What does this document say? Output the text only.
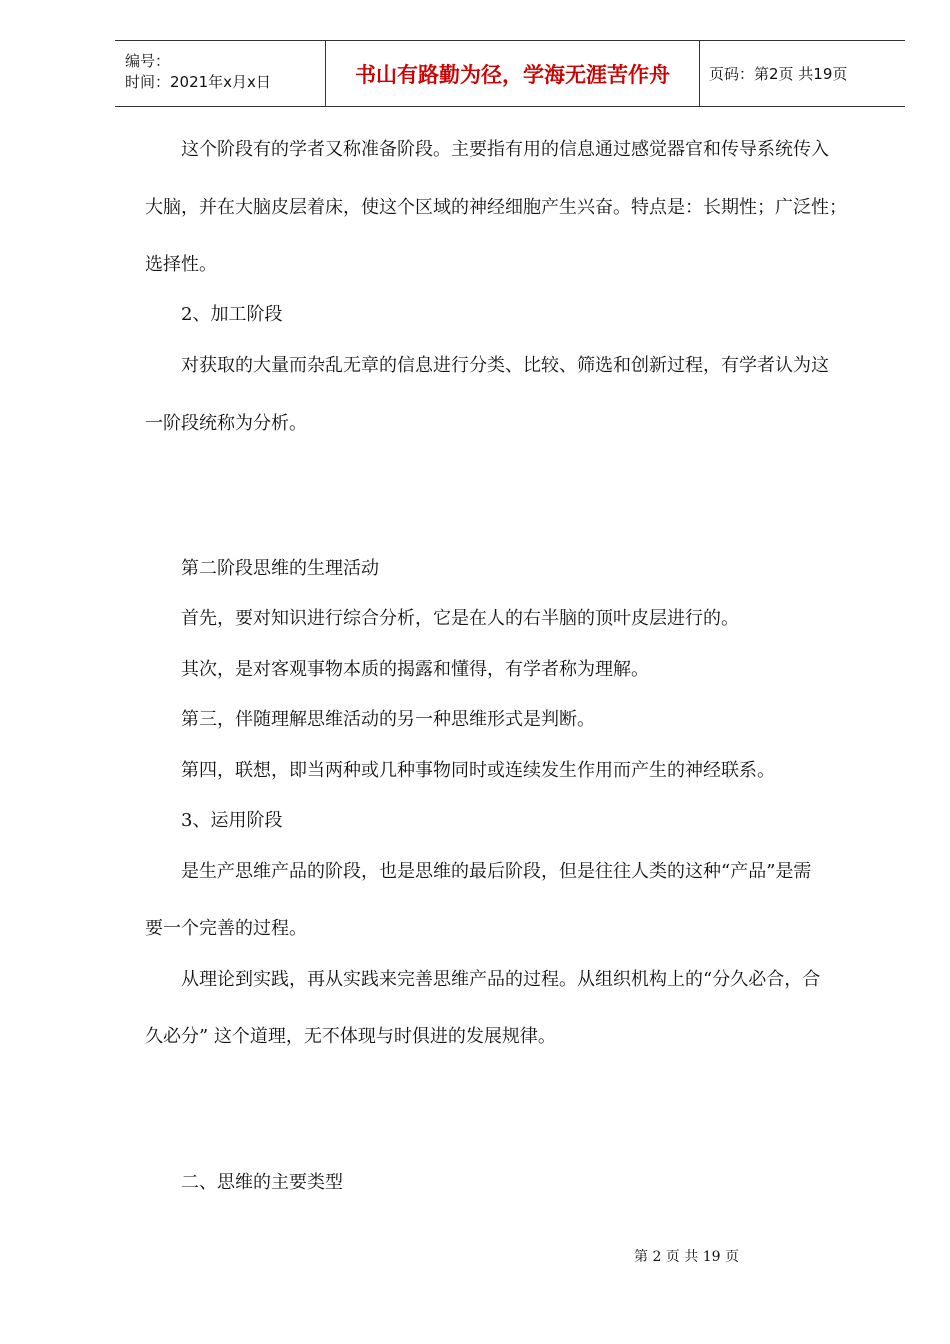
编号：
时间：2021年x月x日	书山有路勤为径，学海无涯苦作舟	页码：第2页 共19页
这个阶段有的学者又称准备阶段。主要指有用的信息通过感觉器官和传导系统传入
大脑，并在大脑皮层着床，使这个区域的神经细胞产生兴奋。特点是：长期性；广泛性；
选择性。
2、加工阶段
对获取的大量而杂乱无章的信息进行分类、比较、筛选和创新过程，有学者认为这
一阶段统称为分析。
第二阶段思维的生理活动
首先，要对知识进行综合分析，它是在人的右半脑的顶叶皮层进行的。
其次，是对客观事物本质的揭露和懂得，有学者称为理解。
第三，伴随理解思维活动的另一种思维形式是判断。
第四，联想，即当两种或几种事物同时或连续发生作用而产生的神经联系。
3、运用阶段
是生产思维产品的阶段，也是思维的最后阶段，但是往往人类的这种“产品”是需
要一个完善的过程。
从理论到实践，再从实践来完善思维产品的过程。从组织机构上的“分久必合，合
久必分” 这个道理，无不体现与时俱进的发展规律。
二、思维的主要类型
第 2 页 共 19 页
